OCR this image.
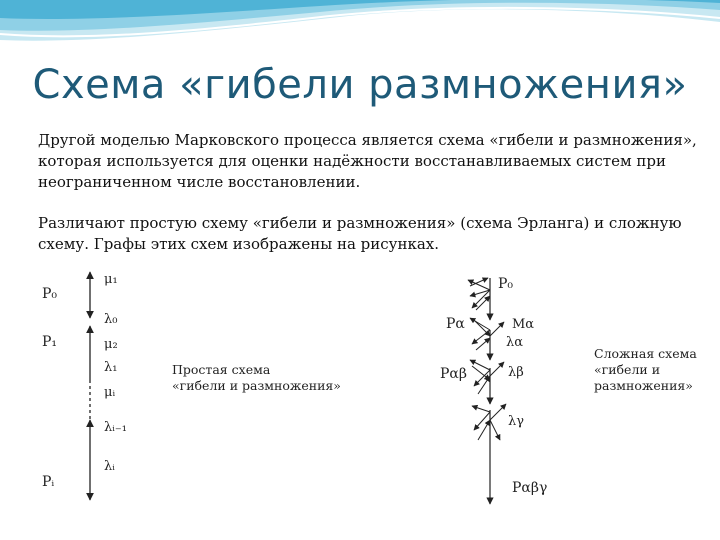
Схема «гибели размножения»

Другой моделью Марковского процесса является схема «гибели и размножения», которая используется для оценки надёжности восстанавливаемых систем при неограниченном числе восстановлении.

Различают простую схему «гибели и размножения» (схема Эрланга) и сложную схему. Графы этих схем изображены на рисунках.

P₀
P₁
Pᵢ
μ₁
λ₀
μ₂
λ₁
μᵢ
λᵢ₋₁
λᵢ
P₀
Pα	Mα
λα
Pαβ	λβ
λγ
Pαβγ
Простая схема
«гибели и размножения»
Сложная схема
«гибели и
размножения»
